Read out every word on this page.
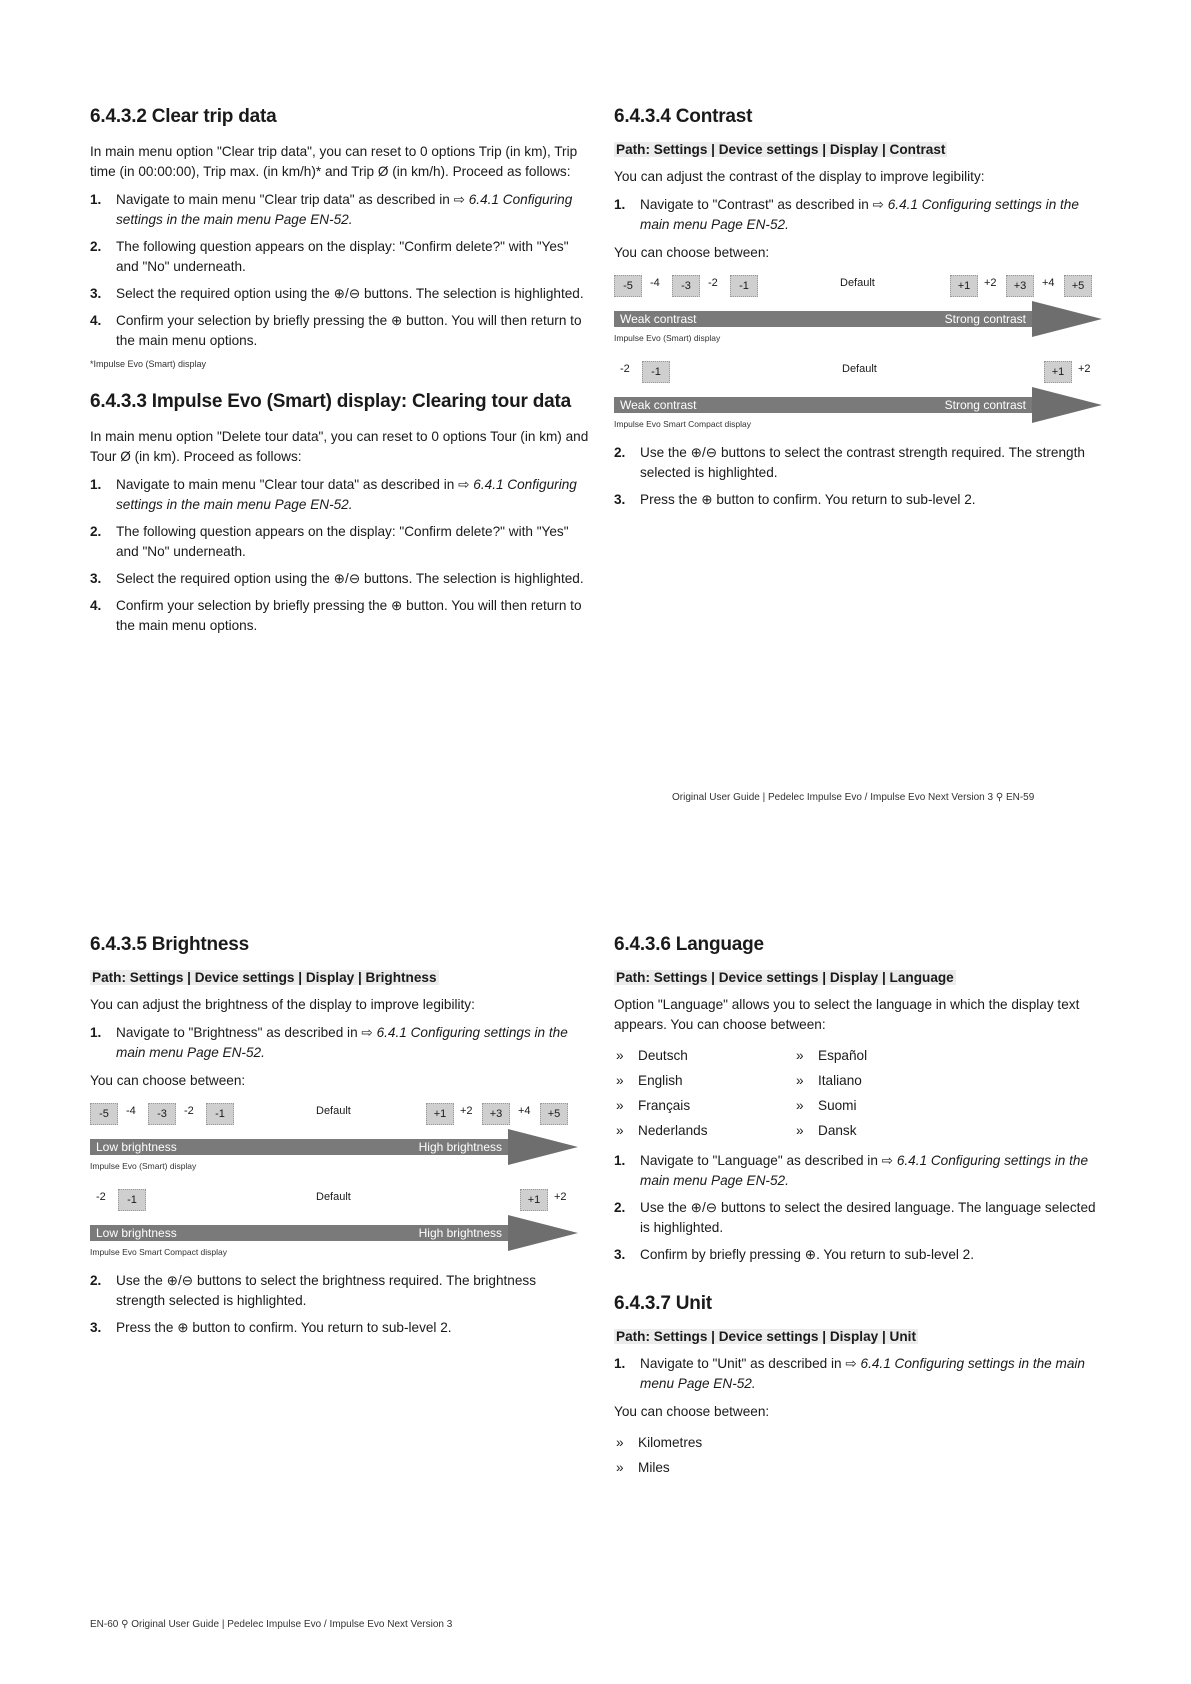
6.4.3.2 Clear trip data

In main menu option "Clear trip data", you can reset to 0 options Trip (in km), Trip time (in 00:00:00), Trip max. (in km/h)* and Trip Ø (in km/h). Proceed as follows:

1. Navigate to main menu "Clear trip data" as described in ⇨ 6.4.1 Configuring settings in the main menu Page EN-52.
2. The following question appears on the display: "Confirm delete?" with "Yes" and "No" underneath.
3. Select the required option using the ⊕/⊖ buttons. The selection is highlighted.
4. Confirm your selection by briefly pressing the ⊕ button. You will then return to the main menu options.
*Impulse Evo (Smart) display
6.4.3.3 Impulse Evo (Smart) display: Clearing tour data

In main menu option "Delete tour data", you can reset to 0 options Tour (in km) and Tour Ø (in km). Proceed as follows:

1. Navigate to main menu "Clear tour data" as described in ⇨ 6.4.1 Configuring settings in the main menu Page EN-52.
2. The following question appears on the display: "Confirm delete?" with "Yes" and "No" underneath.
3. Select the required option using the ⊕/⊖ buttons. The selection is highlighted.
4. Confirm your selection by briefly pressing the ⊕ button. You will then return to the main menu options.
6.4.3.4 Contrast
Path: Settings | Device settings | Display | Contrast

You can adjust the contrast of the display to improve legibility:

1. Navigate to "Contrast" as described in ⇨ 6.4.1 Configuring settings in the main menu Page EN-52.

You can choose between:

-5	-4	-3	-2	-1	Default	+1	+2	+3	+4	+5
Weak contrast	Strong contrast
Impulse Evo (Smart) display
-2	-1	Default	+1	+2
Weak contrast	Strong contrast
Impulse Evo Smart Compact display
2. Use the ⊕/⊖ buttons to select the contrast strength required. The strength selected is highlighted.
3. Press the ⊕ button to confirm. You return to sub-level 2.
Original User Guide | Pedelec Impulse Evo / Impulse Evo Next Version 3 ⚲ EN-59
6.4.3.5 Brightness
Path: Settings | Device settings | Display | Brightness

You can adjust the brightness of the display to improve legibility:

1. Navigate to "Brightness" as described in ⇨ 6.4.1 Configuring settings in the main menu Page EN-52.

You can choose between:

-5	-4	-3	-2	-1	Default	+1	+2	+3	+4	+5
Low brightness	High brightness
Impulse Evo (Smart) display
-2	-1	Default	+1	+2
Low brightness	High brightness
Impulse Evo Smart Compact display
2. Use the ⊕/⊖ buttons to select the brightness required. The brightness strength selected is highlighted.
3. Press the ⊕ button to confirm. You return to sub-level 2.
EN-60 ⚲ Original User Guide | Pedelec Impulse Evo / Impulse Evo Next Version 3
6.4.3.6 Language
Path: Settings | Device settings | Display | Language

Option "Language" allows you to select the language in which the display text appears. You can choose between:

» Deutsch
» English
» Français
» Nederlands
» Español
» Italiano
» Suomi
» Dansk
1. Navigate to "Language" as described in ⇨ 6.4.1 Configuring settings in the main menu Page EN-52.
2. Use the ⊕/⊖ buttons to select the desired language. The language selected is highlighted.
3. Confirm by briefly pressing ⊕. You return to sub-level 2.
6.4.3.7 Unit
Path: Settings | Device settings | Display | Unit
1. Navigate to "Unit" as described in ⇨ 6.4.1 Configuring settings in the main menu Page EN-52.

You can choose between:

» Kilometres
» Miles
